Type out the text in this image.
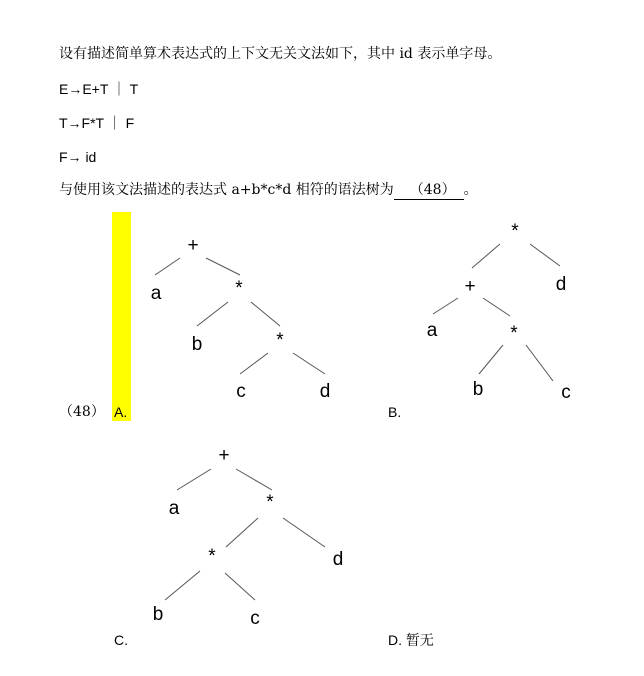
设有描述简单算术表达式的上下文无关文法如下，其中 id 表示单字母。
E→E+T ｜ T
T→F*T ｜ F
F→ id
与使用该文法描述的表达式 a+b*c*d 相符的语法树为 （48） 。
（48） A.	B.
C.	D. 暂无
+
a	*
b	*
c	d
*
+	d
a	*
b	c
+
a	*
*	d
b	c
